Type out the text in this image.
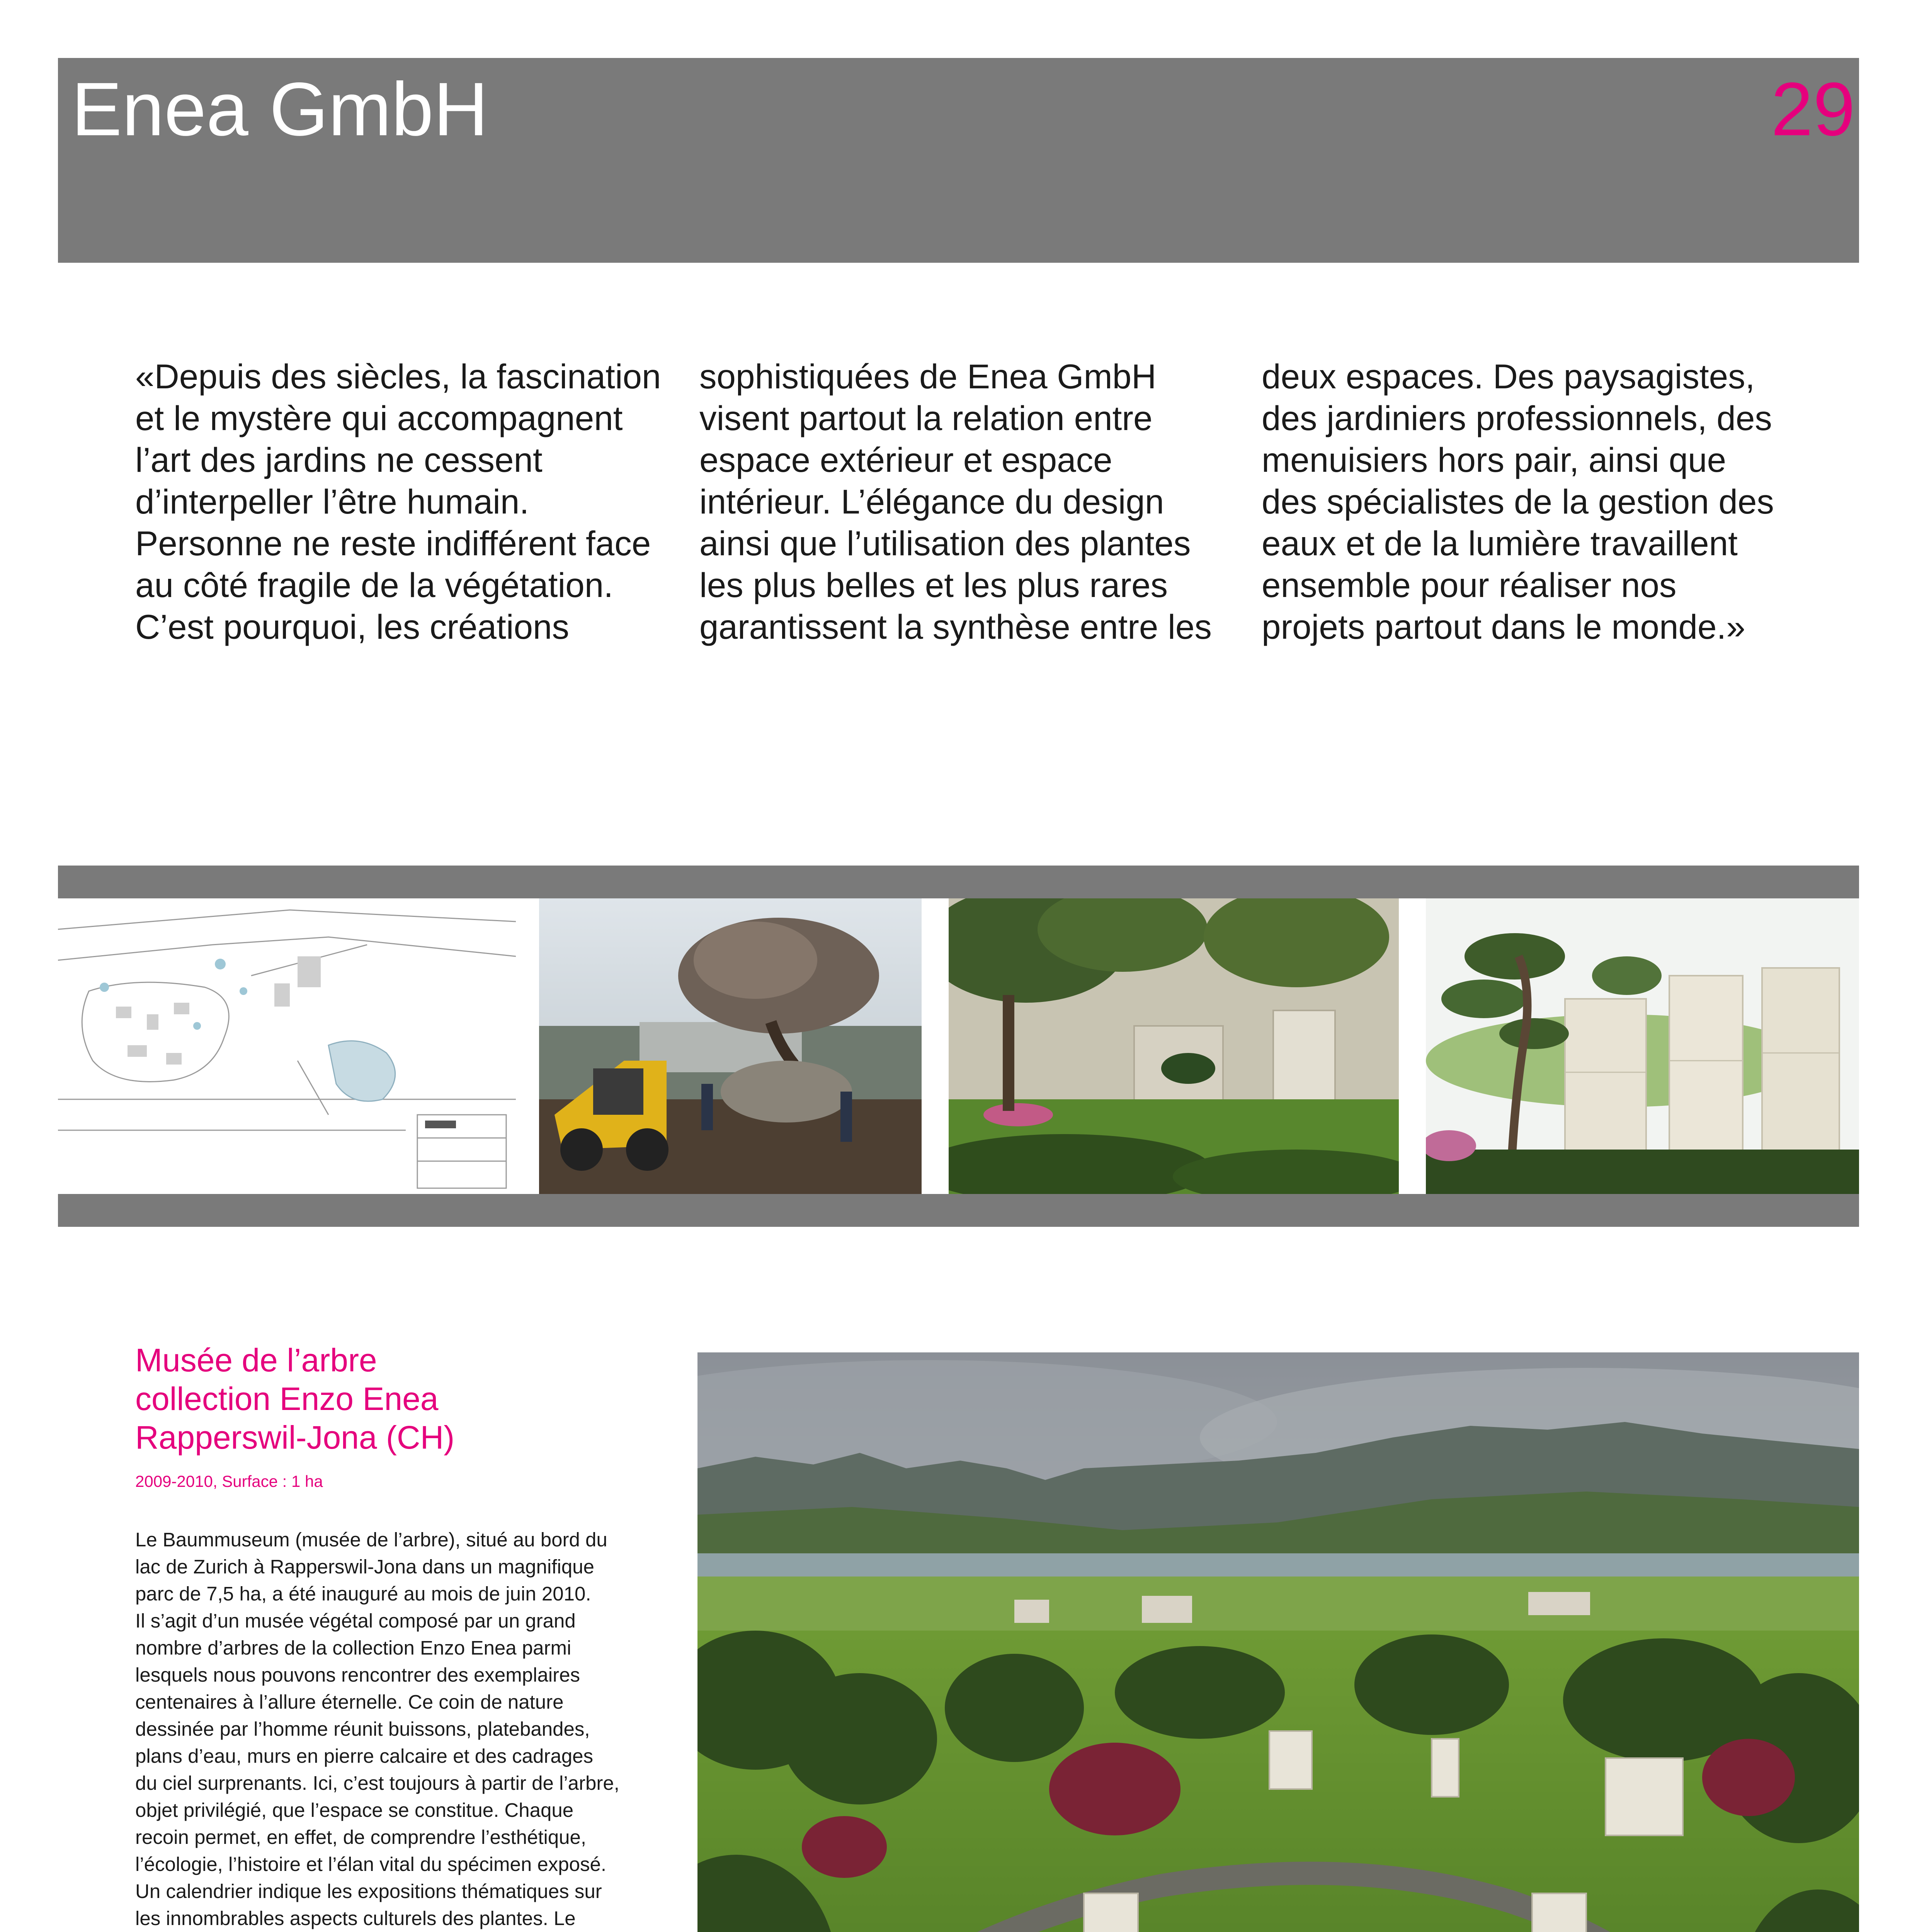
Enea GmbH	29

«Depuis des siècles, la fascination

et le mystère qui accompagnent

l’art des jardins ne cessent

d’interpeller l’être humain.

Personne ne reste indifférent face

au côté fragile de la végétation.

C’est pourquoi, les créations

sophistiquées de Enea GmbH

visent partout la relation entre

espace extérieur et espace

intérieur. L’élégance du design

ainsi que l’utilisation des plantes

les plus belles et les plus rares

garantissent la synthèse entre les

deux espaces. Des paysagistes,

des jardiniers professionnels, des

menuisiers hors pair, ainsi que

des spécialistes de la gestion des

eaux et de la lumière travaillent

ensemble pour réaliser nos

projets partout dans le monde.»

Musée de l’arbre
collection Enzo Enea
Rapperswil-Jona (CH)
2009-2010, Surface : 1 ha
Le Baummuseum (musée de l’arbre), situé au bord du
lac de Zurich à Rapperswil-Jona dans un magnifique
parc de 7,5 ha, a été inauguré au mois de juin 2010.
Il s’agit d’un musée végétal composé par un grand
nombre d’arbres de la collection Enzo Enea parmi
lesquels nous pouvons rencontrer des exemplaires
centenaires à l’allure éternelle. Ce coin de nature
dessinée par l’homme réunit buissons, platebandes,
plans d’eau, murs en pierre calcaire et des cadrages
du ciel surprenants. Ici, c’est toujours à partir de l’arbre,
objet privilégié, que l’espace se constitue. Chaque
recoin permet, en effet, de comprendre l’esthétique,
l’écologie, l’histoire et l’élan vital du spécimen exposé.
Un calendrier indique les expositions thématiques sur
les innombrables aspects culturels des plantes. Le
